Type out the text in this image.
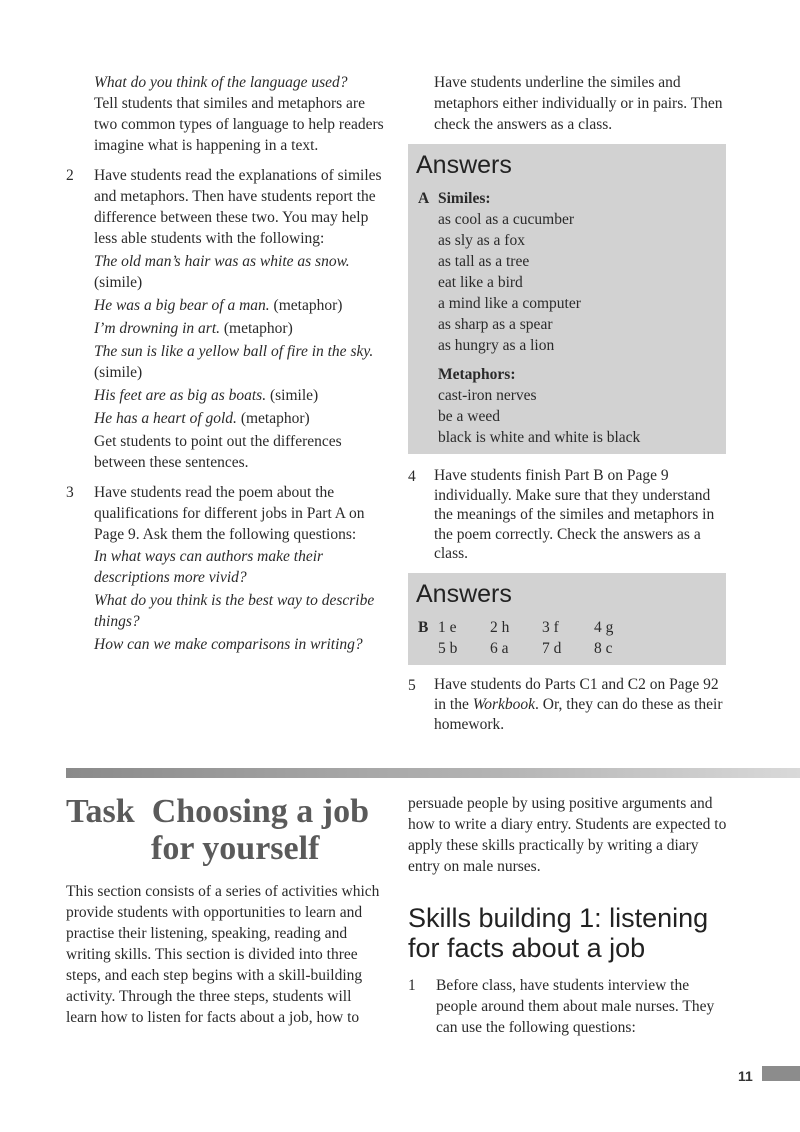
What do you think of the language used?

Tell students that similes and metaphors are two common types of language to help readers imagine what is happening in a text.

2 Have students read the explanations of similes and metaphors. Then have students report the difference between these two. You may help less able students with the following:

The old man’s hair was as white as snow. (simile)

He was a big bear of a man. (metaphor)

I’m drowning in art. (metaphor)

The sun is like a yellow ball of fire in the sky. (simile)

His feet are as big as boats. (simile)

He has a heart of gold. (metaphor)

Get students to point out the differences between these sentences.

3 Have students read the poem about the qualifications for different jobs in Part A on Page 9. Ask them the following questions:

In what ways can authors make their descriptions more vivid?

What do you think is the best way to describe things?

How can we make comparisons in writing?

Have students underline the similes and metaphors either individually or in pairs. Then check the answers as a class.

Answers
A Similes:

as cool as a cucumber

as sly as a fox

as tall as a tree

eat like a bird

a mind like a computer

as sharp as a spear

as hungry as a lion

Metaphors:

cast-iron nerves

be a weed

black is white and white is black

4 Have students finish Part B on Page 9 individually. Make sure that they understand the meanings of the similes and metaphors in the poem correctly. Check the answers as a class.

Answers
B 1 e	2 h	3 f	4 g
5 b	6 a	7 d	8 c
5 Have students do Parts C1 and C2 on Page 92 in the Workbook. Or, they can do these as their homework.

Task  Choosing a job
for yourself

This section consists of a series of activities which provide students with opportunities to learn and practise their listening, speaking, reading and writing skills. This section is divided into three steps, and each step begins with a skill-building activity. Through the three steps, students will learn how to listen for facts about a job, how to

persuade people by using positive arguments and how to write a diary entry. Students are expected to apply these skills practically by writing a diary entry on male nurses.

Skills building 1: listening
for facts about a job
1 Before class, have students interview the people around them about male nurses. They can use the following questions:

11
